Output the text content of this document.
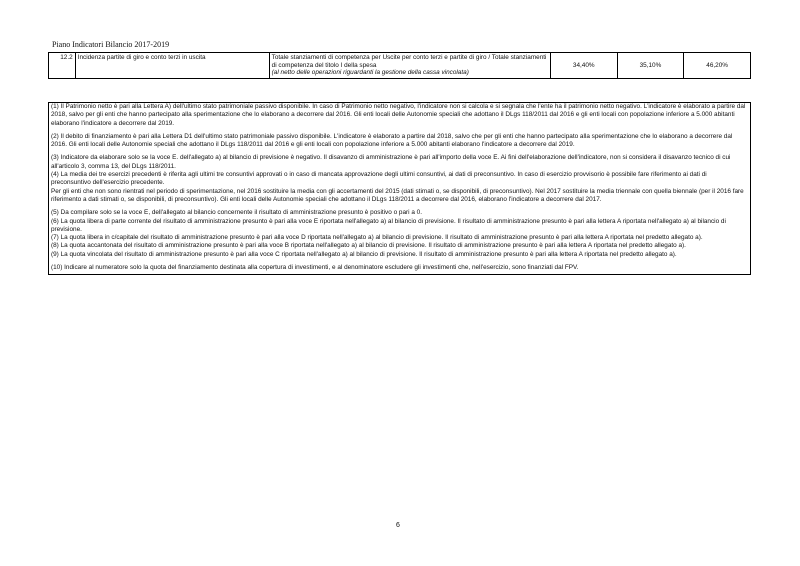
Piano Indicatori Bilancio 2017-2019
12.2	Incidenza partite di giro e conto terzi in uscita	Totale stanziamenti di competenza per Uscite per conto terzi e partite di giro / Totale stanziamenti di competenza del titolo I della spesa
(al netto delle operazioni riguardanti la gestione della cassa vincolata)	34,40%	35,10%	46,20%

(1) Il Patrimonio netto è pari alla Lettera A) dell'ultimo stato patrimoniale passivo disponibile. In caso di Patrimonio netto negativo, l'indicatore non si calcola e si segnala che l'ente ha il patrimonio netto negativo. L'indicatore è elaborato a partire dal 2018, salvo per gli enti che hanno partecipato alla sperimentazione che lo elaborano a decorrere dal 2016. Gli enti locali delle Autonomie speciali che adottano il DLgs 118/2011 dal 2016 e gli enti locali con popolazione inferiore a 5.000 abitanti elaborano l'indicatore a decorrere dal 2019.

(2) Il debito di finanziamento è pari alla Lettera D1 dell'ultimo stato patrimoniale passivo disponibile. L'indicatore è elaborato a partire dal 2018, salvo che per gli enti che hanno partecipato alla sperimentazione che lo elaborano a decorrere dal 2016. Gli enti locali delle Autonomie speciali che adottano il DLgs 118/2011 dal 2016 e gli enti locali con popolazione inferiore a 5.000 abitanti elaborano l'indicatore a decorrere dal 2019.

(3) Indicatore da elaborare solo se la voce E. dell'allegato a) al bilancio di previsione è negativo. Il disavanzo di amministrazione è pari all'importo della voce E. Ai fini dell'elaborazione dell'indicatore, non si considera il disavanzo tecnico di cui all'articolo 3, comma 13, del DLgs 118/2011.

(4) La media dei tre esercizi precedenti è riferita agli ultimi tre consuntivi approvati o in caso di mancata approvazione degli ultimi consuntivi, ai dati di preconsuntivo. In caso di esercizio provvisorio è possibile fare riferimento ai dati di preconsuntivo dell'esercizio precedente.

Per gli enti che non sono rientrati nel periodo di sperimentazione, nel 2016 sostituire la media con gli accertamenti del 2015 (dati stimati o, se disponibili, di preconsuntivo). Nel 2017 sostituire la media triennale con quella biennale (per il 2016 fare riferimento a dati stimati o, se disponibili, di preconsuntivo). Gli enti locali delle Autonomie speciali che adottano il DLgs 118/2011 a decorrere dal 2016, elaborano l'indicatore a decorrere dal 2017.

(5) Da compilare solo se la voce E, dell'allegato al bilancio concernente il risultato di amministrazione presunto è positivo o pari a 0.

(6) La quota libera di parte corrente del risultato di amministrazione presunto è pari alla voce E riportata nell'allegato a) al bilancio di previsione. Il risultato di amministrazione presunto è pari alla lettera A riportata nell'allegato a) al bilancio di previsione.

(7) La quota libera in c/capitale del risultato di amministrazione presunto è pari alla voce D riportata nell'allegato a) al bilancio di previsione. Il risultato di amministrazione presunto è pari alla lettera A riportata nel predetto allegato a).

(8) La quota accantonata del risultato di amministrazione presunto è pari alla voce B riportata nell'allegato a) al bilancio di previsione. Il risultato di amministrazione presunto è pari alla lettera A riportata nel predetto allegato a).

(9) La quota vincolata del risultato di amministrazione presunto è pari alla voce C riportata nell'allegato a) al bilancio di previsione. Il risultato di amministrazione presunto è pari alla lettera A riportata nel predetto allegato a).

(10) Indicare al numeratore solo la quota del finanziamento destinata alla copertura di investimenti, e al denominatore escludere gli investimenti che, nell'esercizio, sono finanziati dal FPV.

6
